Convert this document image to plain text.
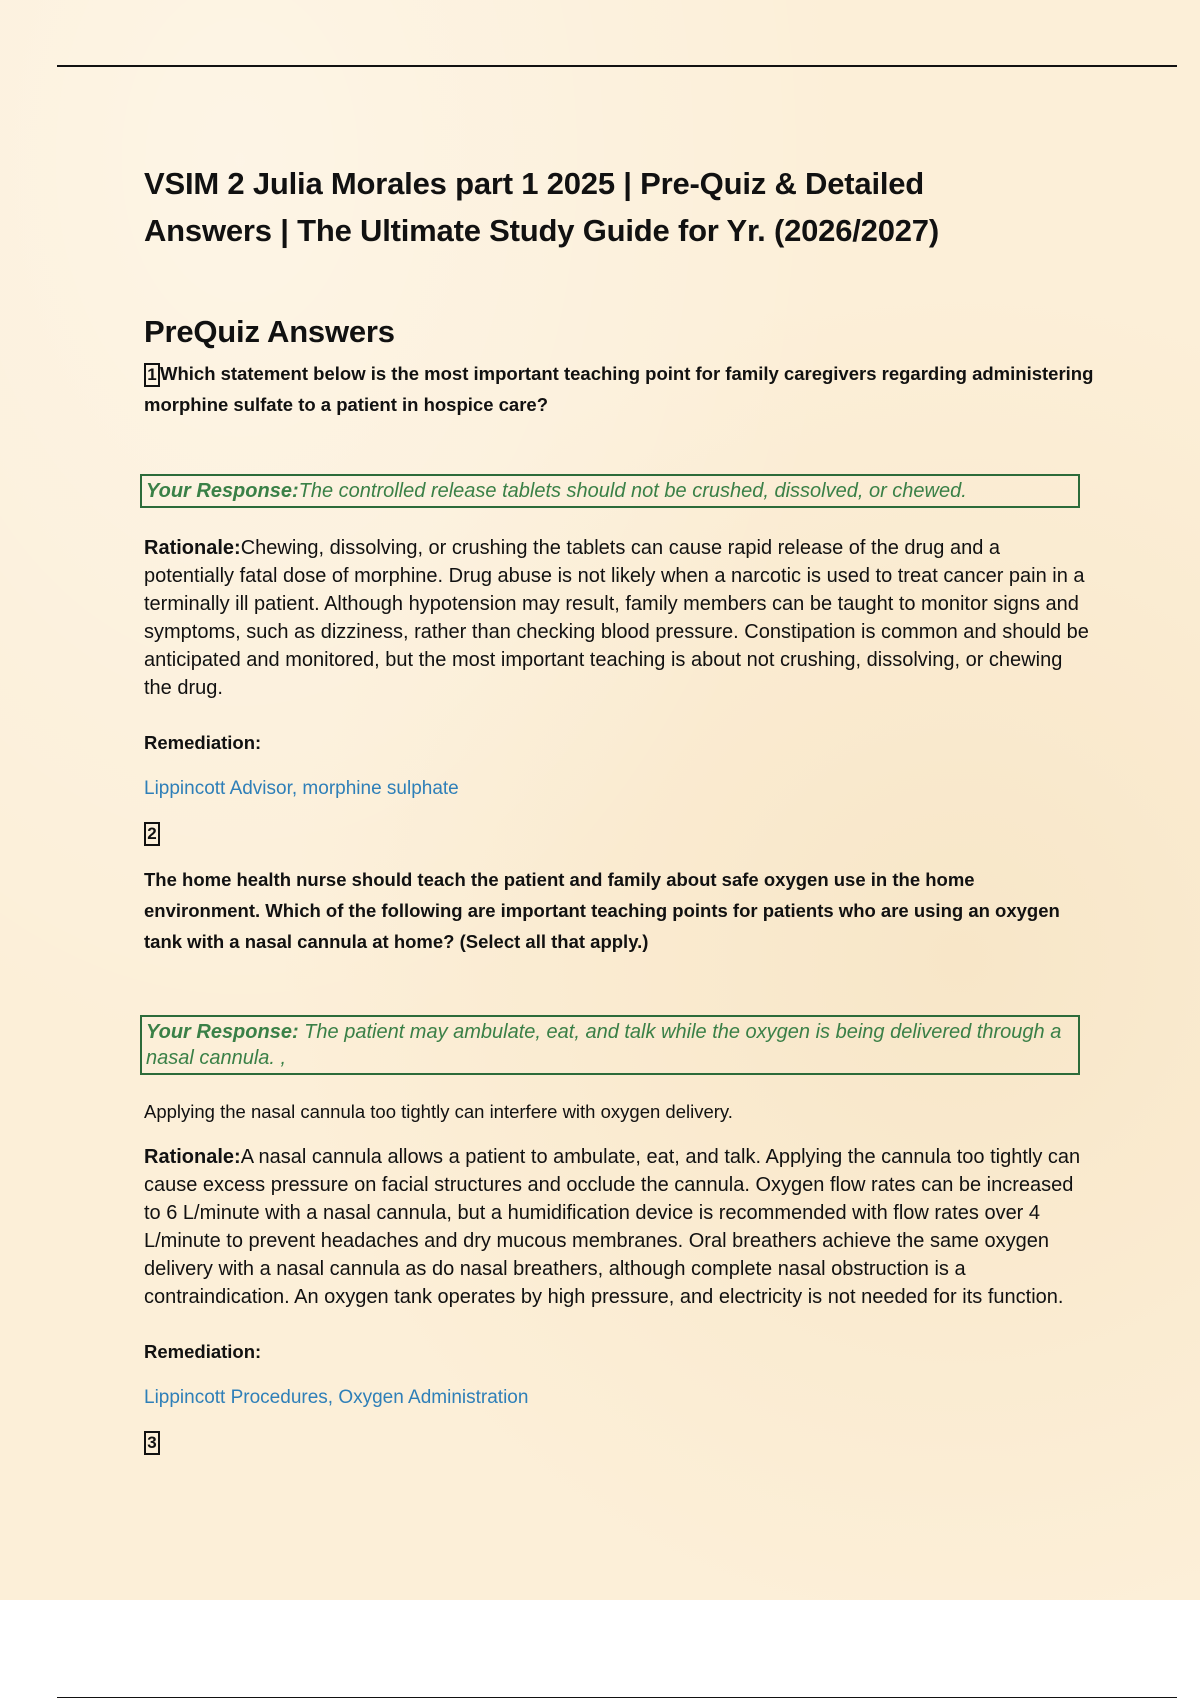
VSIM 2 Julia Morales part 1 2025 | Pre-Quiz & Detailed
Answers | The Ultimate Study Guide for Yr. (2026/2027)
PreQuiz Answers

1 Which statement below is the most important teaching point for family caregivers regarding administering morphine sulfate to a patient in hospice care?

Your Response:The controlled release tablets should not be crushed, dissolved, or chewed.

Rationale:Chewing, dissolving, or crushing the tablets can cause rapid release of the drug and a potentially fatal dose of morphine. Drug abuse is not likely when a narcotic is used to treat cancer pain in a terminally ill patient. Although hypotension may result, family members can be taught to monitor signs and symptoms, such as dizziness, rather than checking blood pressure. Constipation is common and should be anticipated and monitored, but the most important teaching is about not crushing, dissolving, or chewing the drug.

Remediation:

Lippincott Advisor, morphine sulphate
2

The home health nurse should teach the patient and family about safe oxygen use in the home environment. Which of the following are important teaching points for patients who are using an oxygen tank with a nasal cannula at home? (Select all that apply.)

Your Response: The patient may ambulate, eat, and talk while the oxygen is being delivered through a nasal cannula. ,

Applying the nasal cannula too tightly can interfere with oxygen delivery.

Rationale:A nasal cannula allows a patient to ambulate, eat, and talk. Applying the cannula too tightly can cause excess pressure on facial structures and occlude the cannula. Oxygen flow rates can be increased to 6 L/minute with a nasal cannula, but a humidification device is recommended with flow rates over 4 L/minute to prevent headaches and dry mucous membranes. Oral breathers achieve the same oxygen delivery with a nasal cannula as do nasal breathers, although complete nasal obstruction is a contraindication. An oxygen tank operates by high pressure, and electricity is not needed for its function.

Remediation:

Lippincott Procedures, Oxygen Administration
3
